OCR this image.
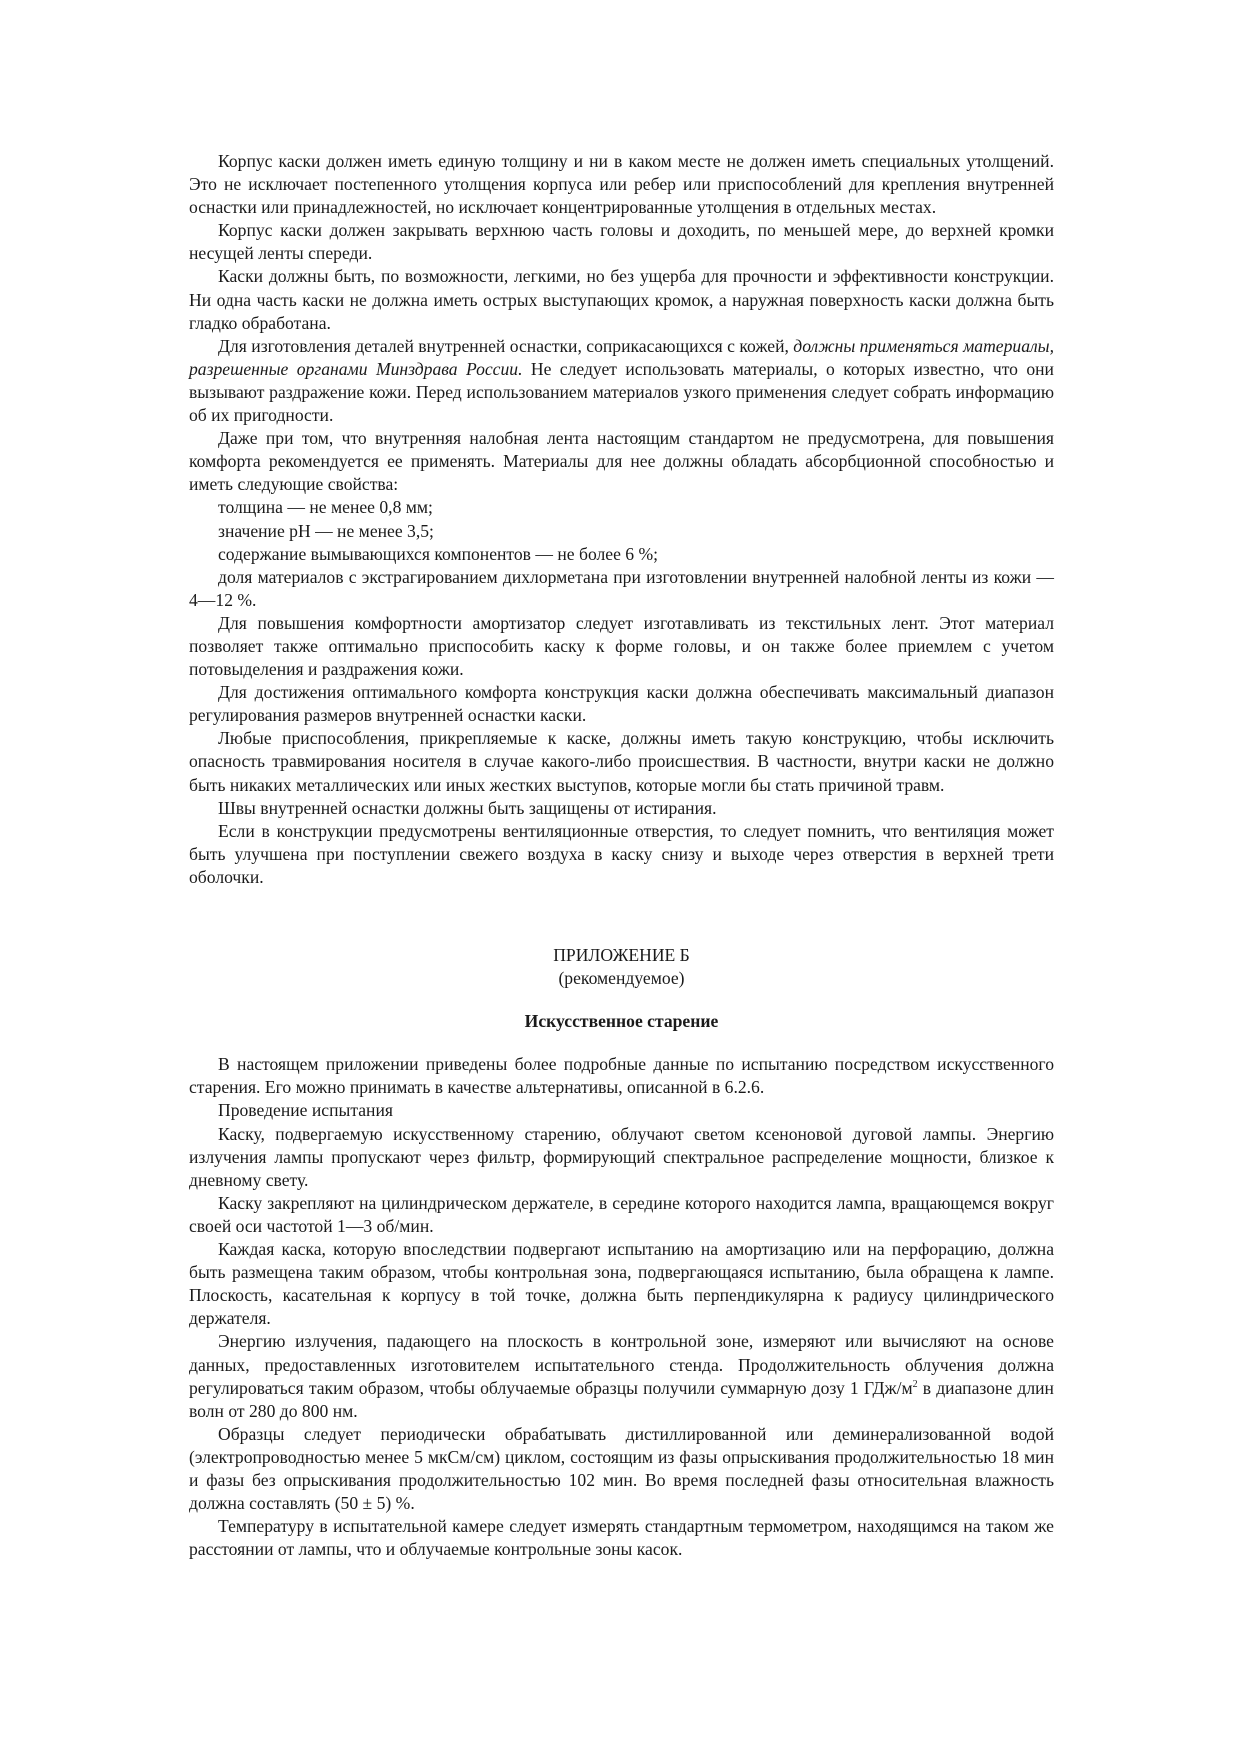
Корпус каски должен иметь единую толщину и ни в каком месте не должен иметь специальных утолщений. Это не исключает постепенного утолщения корпуса или ребер или приспособлений для крепления внутренней оснастки или принадлежностей, но исключает концентрированные утолщения в отдельных местах.

Корпус каски должен закрывать верхнюю часть головы и доходить, по меньшей мере, до верхней кромки несущей ленты спереди.

Каски должны быть, по возможности, легкими, но без ущерба для прочности и эффективности конструкции. Ни одна часть каски не должна иметь острых выступающих кромок, а наружная поверхность каски должна быть гладко обработана.

Для изготовления деталей внутренней оснастки, соприкасающихся с кожей, должны применяться материалы, разрешенные органами Минздрава России. Не следует использовать материалы, о которых известно, что они вызывают раздражение кожи. Перед использованием материалов узкого применения следует собрать информацию об их пригодности.

Даже при том, что внутренняя налобная лента настоящим стандартом не предусмотрена, для повышения комфорта рекомендуется ее применять. Материалы для нее должны обладать абсорбционной способностью и иметь следующие свойства:

толщина — не менее 0,8 мм;

значение pH — не менее 3,5;

содержание вымывающихся компонентов — не более 6 %;

доля материалов с экстрагированием дихлорметана при изготовлении внутренней налобной ленты из кожи — 4—12 %.

Для повышения комфортности амортизатор следует изготавливать из текстильных лент. Этот материал позволяет также оптимально приспособить каску к форме головы, и он также более приемлем с учетом потовыделения и раздражения кожи.

Для достижения оптимального комфорта конструкция каски должна обеспечивать максимальный диапазон регулирования размеров внутренней оснастки каски.

Любые приспособления, прикрепляемые к каске, должны иметь такую конструкцию, чтобы исключить опасность травмирования носителя в случае какого-либо происшествия. В частности, внутри каски не должно быть никаких металлических или иных жестких выступов, которые могли бы стать причиной травм.

Швы внутренней оснастки должны быть защищены от истирания.

Если в конструкции предусмотрены вентиляционные отверстия, то следует помнить, что вентиляция может быть улучшена при поступлении свежего воздуха в каску снизу и выходе через отверстия в верхней трети оболочки.

ПРИЛОЖЕНИЕ Б

(рекомендуемое)

Искусственное старение

В настоящем приложении приведены более подробные данные по испытанию посредством искусственного старения. Его можно принимать в качестве альтернативы, описанной в 6.2.6.

Проведение испытания

Каску, подвергаемую искусственному старению, облучают светом ксеноновой дуговой лампы. Энергию излучения лампы пропускают через фильтр, формирующий спектральное распределение мощности, близкое к дневному свету.

Каску закрепляют на цилиндрическом держателе, в середине которого находится лампа, вращающемся вокруг своей оси частотой 1—3 об/мин.

Каждая каска, которую впоследствии подвергают испытанию на амортизацию или на перфорацию, должна быть размещена таким образом, чтобы контрольная зона, подвергающаяся испытанию, была обращена к лампе. Плоскость, касательная к корпусу в той точке, должна быть перпендикулярна к радиусу цилиндрического держателя.

Энергию излучения, падающего на плоскость в контрольной зоне, измеряют или вычисляют на основе данных, предоставленных изготовителем испытательного стенда. Продолжительность облучения должна регулироваться таким образом, чтобы облучаемые образцы получили суммарную дозу 1 ГДж/$м^2$ в диапазоне длин волн от 280 до 800 нм.

Образцы следует периодически обрабатывать дистиллированной или деминерализованной водой (электропроводностью менее 5 мкСм/см) циклом, состоящим из фазы опрыскивания продолжительностью 18 мин и фазы без опрыскивания продолжительностью 102 мин. Во время последней фазы относительная влажность должна составлять (50 ± 5) %.

Температуру в испытательной камере следует измерять стандартным термометром, находящимся на таком же расстоянии от лампы, что и облучаемые контрольные зоны касок.
